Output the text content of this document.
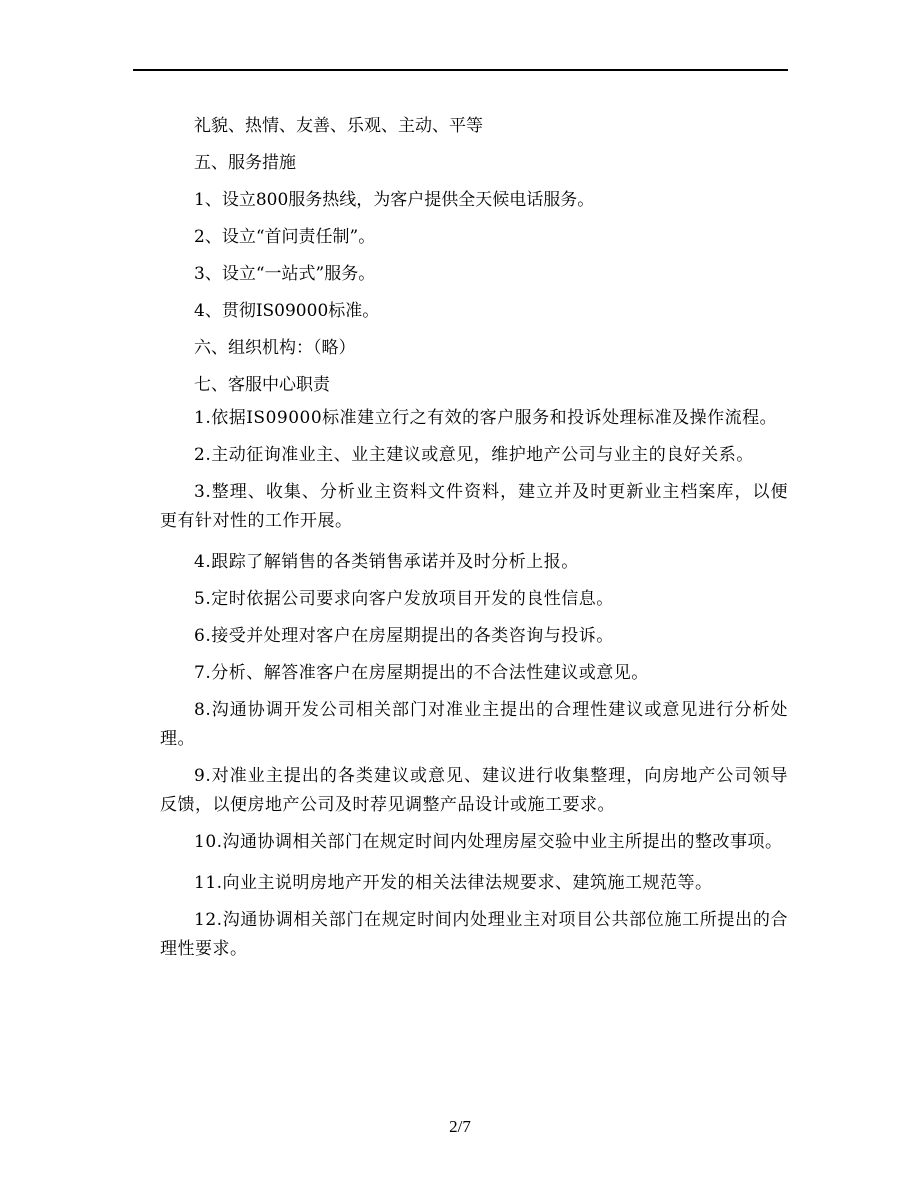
礼貌、热情、友善、乐观、主动、平等
五、服务措施
1、设立800服务热线，为客户提供全天候电话服务。
2、设立“首问责任制”。
3、设立“一站式”服务。
4、贯彻IS09000标准。
六、组织机构：（略）
七、客服中心职责
1.依据IS09000标准建立行之有效的客户服务和投诉处理标准及操作流程。
2.主动征询准业主、业主建议或意见，维护地产公司与业主的良好关系。
3.整理、收集、分析业主资料文件资料，建立并及时更新业主档案库，以便更有针对性的工作开展。
4.跟踪了解销售的各类销售承诺并及时分析上报。
5.定时依据公司要求向客户发放项目开发的良性信息。
6.接受并处理对客户在房屋期提出的各类咨询与投诉。
7.分析、解答准客户在房屋期提出的不合法性建议或意见。
8.沟通协调开发公司相关部门对准业主提出的合理性建议或意见进行分析处理。
9.对准业主提出的各类建议或意见、建议进行收集整理，向房地产公司领导反馈，以便房地产公司及时荐见调整产品设计或施工要求。
10.沟通协调相关部门在规定时间内处理房屋交验中业主所提出的整改事项。
11.向业主说明房地产开发的相关法律法规要求、建筑施工规范等。
12.沟通协调相关部门在规定时间内处理业主对项目公共部位施工所提出的合理性要求。
2/7
